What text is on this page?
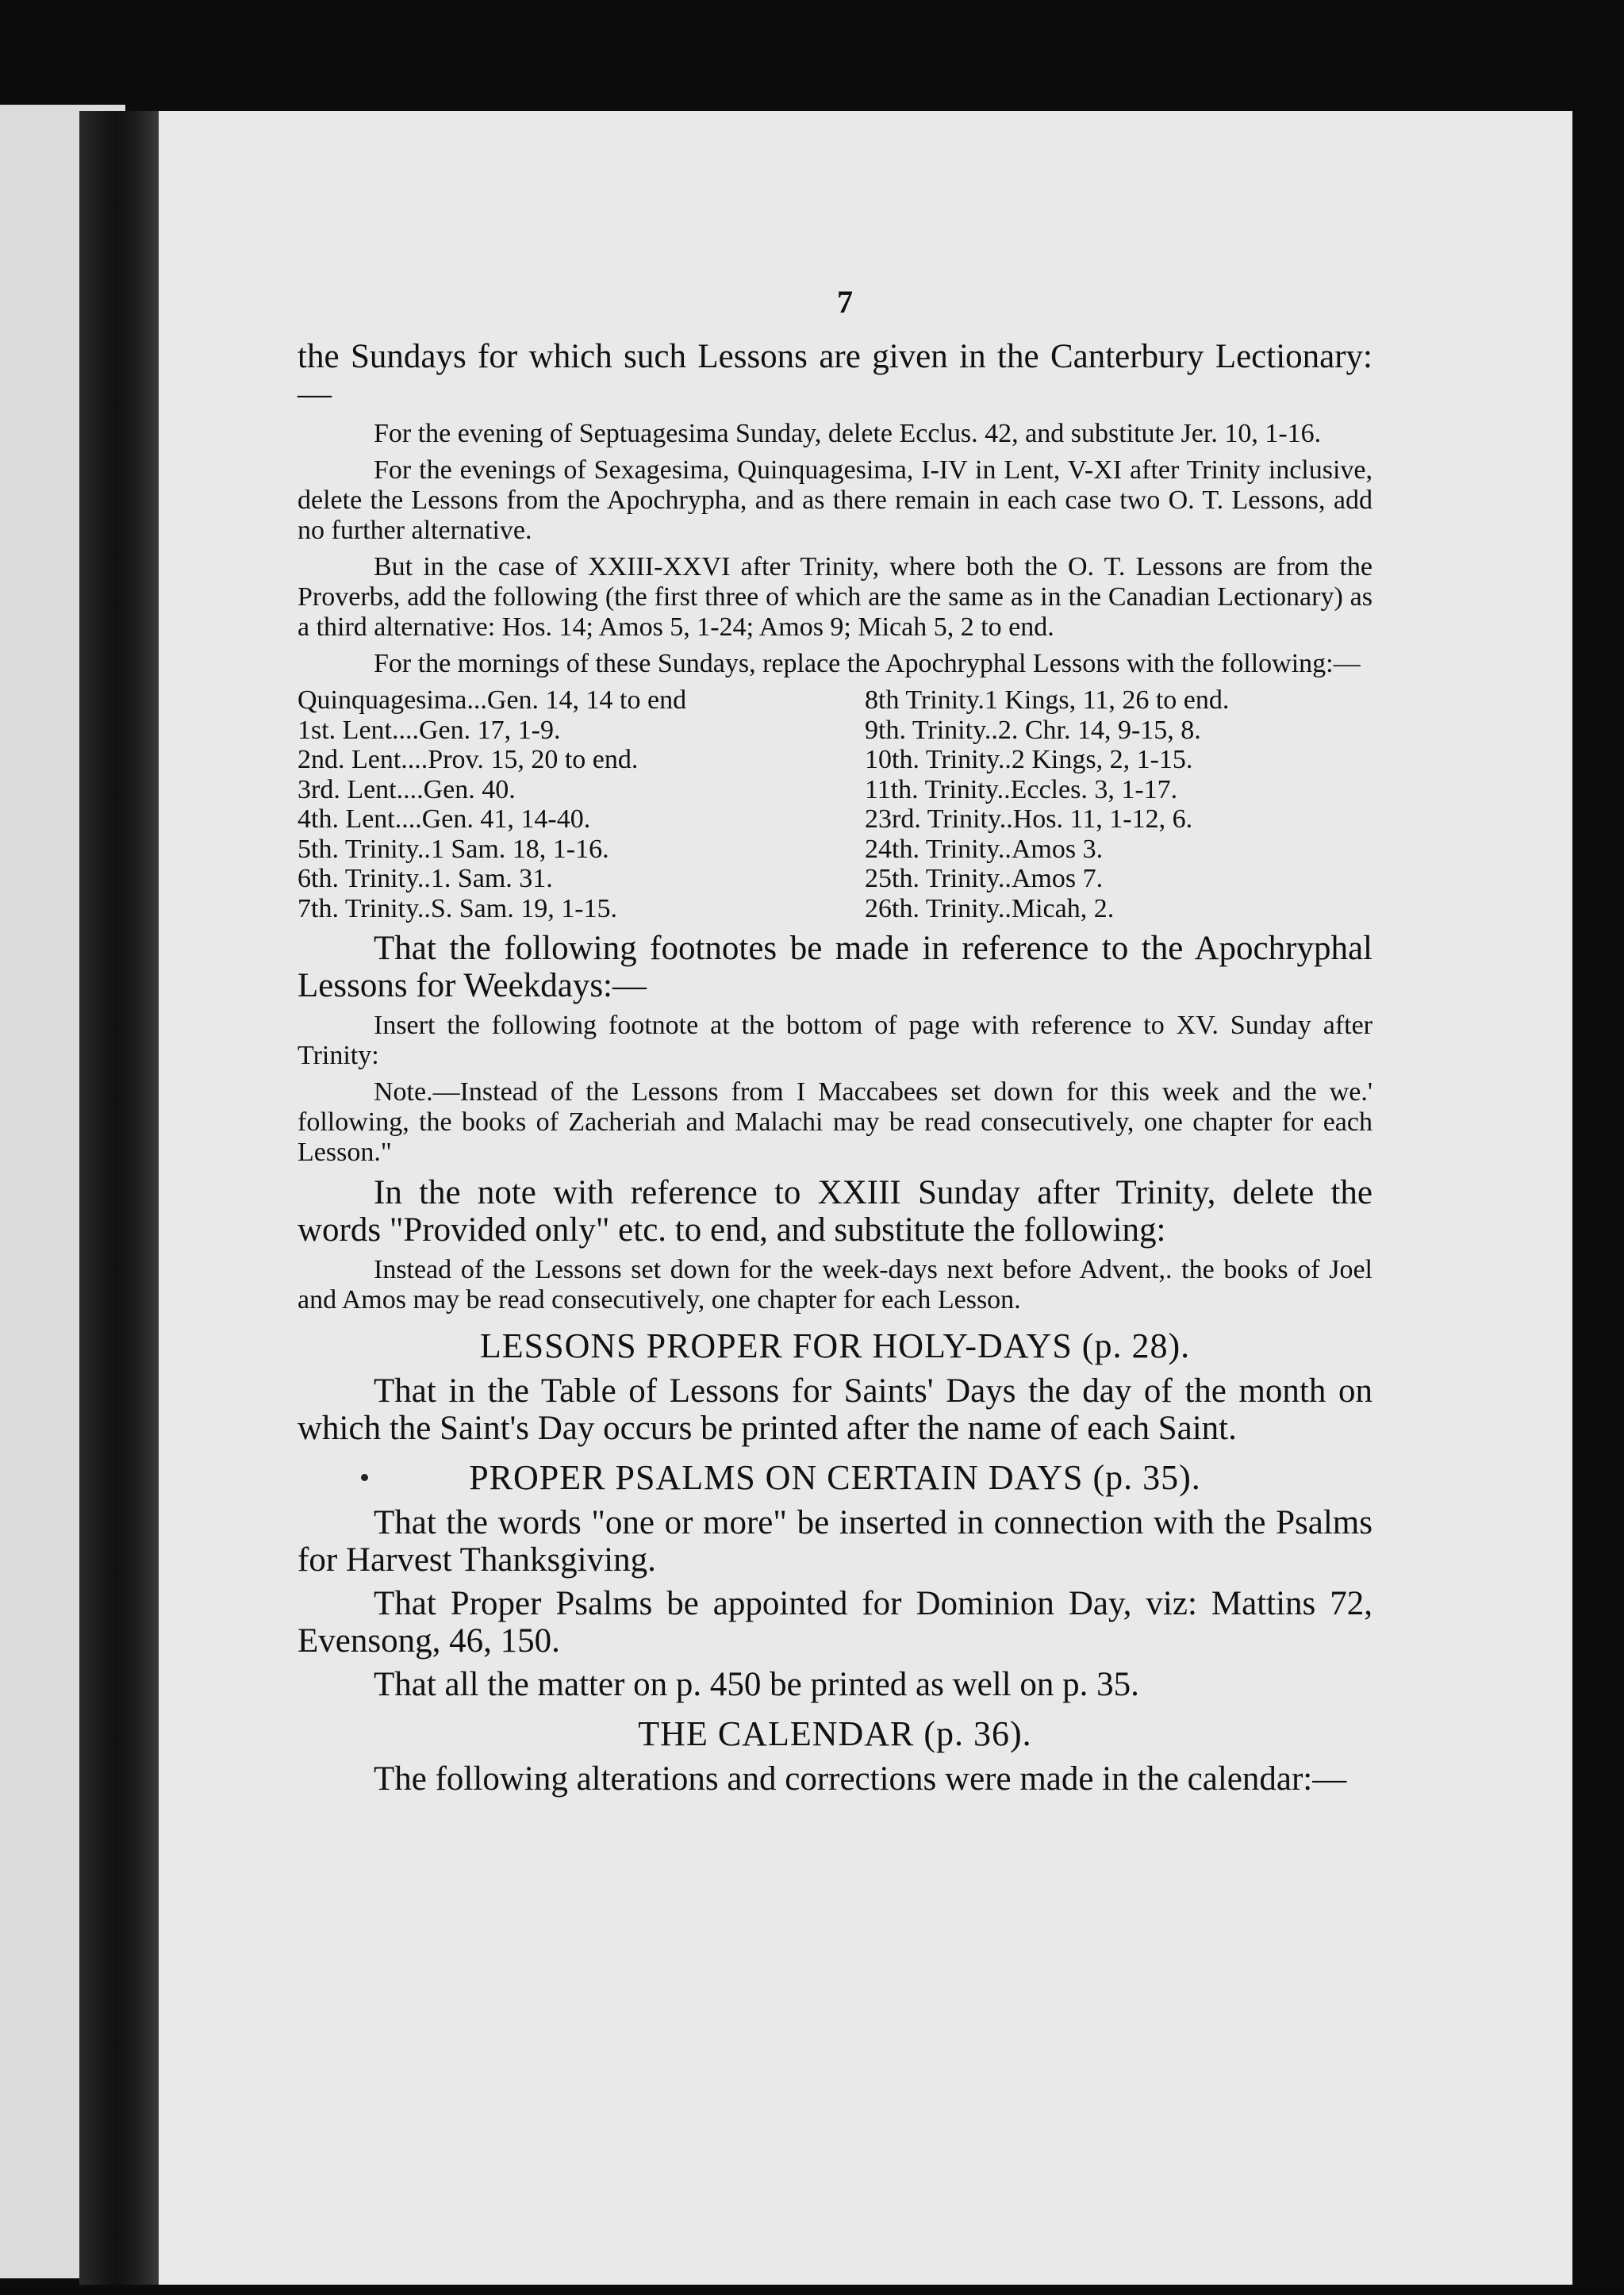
7

the Sundays for which such Lessons are given in the Canterbury Lectionary:—

For the evening of Septuagesima Sunday, delete Ecclus. 42, and substitute Jer. 10, 1-16.

For the evenings of Sexagesima, Quinquagesima, I-IV in Lent, V-XI after Trinity inclusive, delete the Lessons from the Apochrypha, and as there remain in each case two O. T. Lessons, add no further alternative.

But in the case of XXIII-XXVI after Trinity, where both the O. T. Lessons are from the Proverbs, add the following (the first three of which are the same as in the Canadian Lectionary) as a third alternative: Hos. 14; Amos 5, 1-24; Amos 9; Micah 5, 2 to end.

For the mornings of these Sundays, replace the Apochryphal Lessons with the following:—

Quinquagesima...Gen. 14, 14 to end
1st. Lent....Gen. 17, 1-9.
2nd. Lent....Prov. 15, 20 to end.
3rd. Lent....Gen. 40.
4th. Lent....Gen. 41, 14-40.
5th. Trinity..1 Sam. 18, 1-16.
6th. Trinity..1. Sam. 31.
7th. Trinity..S. Sam. 19, 1-15.
8th Trinity.1 Kings, 11, 26 to end.
9th. Trinity..2. Chr. 14, 9-15, 8.
10th. Trinity..2 Kings, 2, 1-15.
11th. Trinity..Eccles. 3, 1-17.
23rd. Trinity..Hos. 11, 1-12, 6.
24th. Trinity..Amos 3.
25th. Trinity..Amos 7.
26th. Trinity..Micah, 2.

That the following footnotes be made in reference to the Apochryphal Lessons for Weekdays:—

Insert the following footnote at the bottom of page with reference to XV. Sunday after Trinity:

Note.—Instead of the Lessons from I Maccabees set down for this week and the we.' following, the books of Zacheriah and Malachi may be read consecutively, one chapter for each Lesson."

In the note with reference to XXIII Sunday after Trinity, delete the words "Provided only" etc. to end, and substitute the following:

Instead of the Lessons set down for the week-days next before Advent,. the books of Joel and Amos may be read consecutively, one chapter for each Lesson.

LESSONS PROPER FOR HOLY-DAYS (p. 28).

That in the Table of Lessons for Saints' Days the day of the month on which the Saint's Day occurs be printed after the name of each Saint.

PROPER PSALMS ON CERTAIN DAYS (p. 35).

That the words "one or more" be inserted in connection with the Psalms for Harvest Thanksgiving.

That Proper Psalms be appointed for Dominion Day, viz: Mattins 72, Evensong, 46, 150.

That all the matter on p. 450 be printed as well on p. 35.

THE CALENDAR (p. 36).

The following alterations and corrections were made in the calendar:—
